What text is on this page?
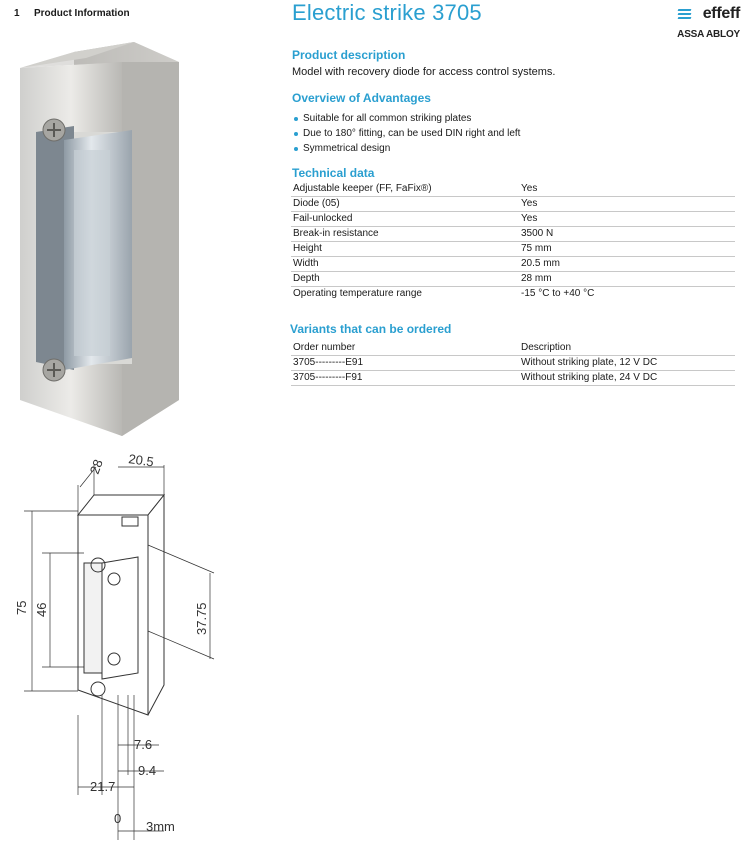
1 Product Information	Electric strike 3705	effeff
ASSA ABLOY
Product description
Model with recovery diode for access control systems.
Overview of Advantages
Suitable for all common striking plates
Due to 180° fitting, can be used DIN right and left
Symmetrical design
Technical data
Adjustable keeper (FF, FaFix®)	Yes
Diode (05)	Yes
Fail-unlocked	Yes
Break-in resistance	3500 N
Height	75 mm
Width	20.5 mm
Depth	28 mm
Operating temperature range	-15 °C to +40 °C
Variants that can be ordered
Order number	Description
3705---------E91	Without striking plate, 12 V DC
3705---------F91	Without striking plate, 24 V DC
20.5
28
75 46	37.75
7.6
9.4
21.7
0
3mm
